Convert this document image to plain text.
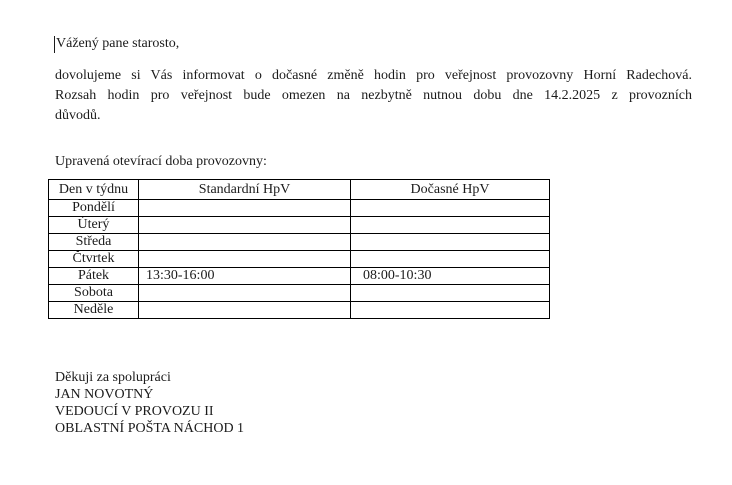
Vážený pane starosto,
dovolujeme si Vás informovat o dočasné změně hodin pro veřejnost provozovny Horní Radechová.
Rozsah hodin pro veřejnost bude omezen na nezbytně nutnou dobu dne 14.2.2025 z provozních
důvodů.
Upravená otevírací doba provozovny:
Den v týdnu	Standardní HpV	Dočasné HpV
Pondělí		
Úterý		
Středa		
Čtvrtek		
Pátek	13:30-16:00	08:00-10:30
Sobota		
Neděle		
Děkuji za spolupráci
JAN NOVOTNÝ
VEDOUCÍ V PROVOZU II
OBLASTNÍ POŠTA NÁCHOD 1
